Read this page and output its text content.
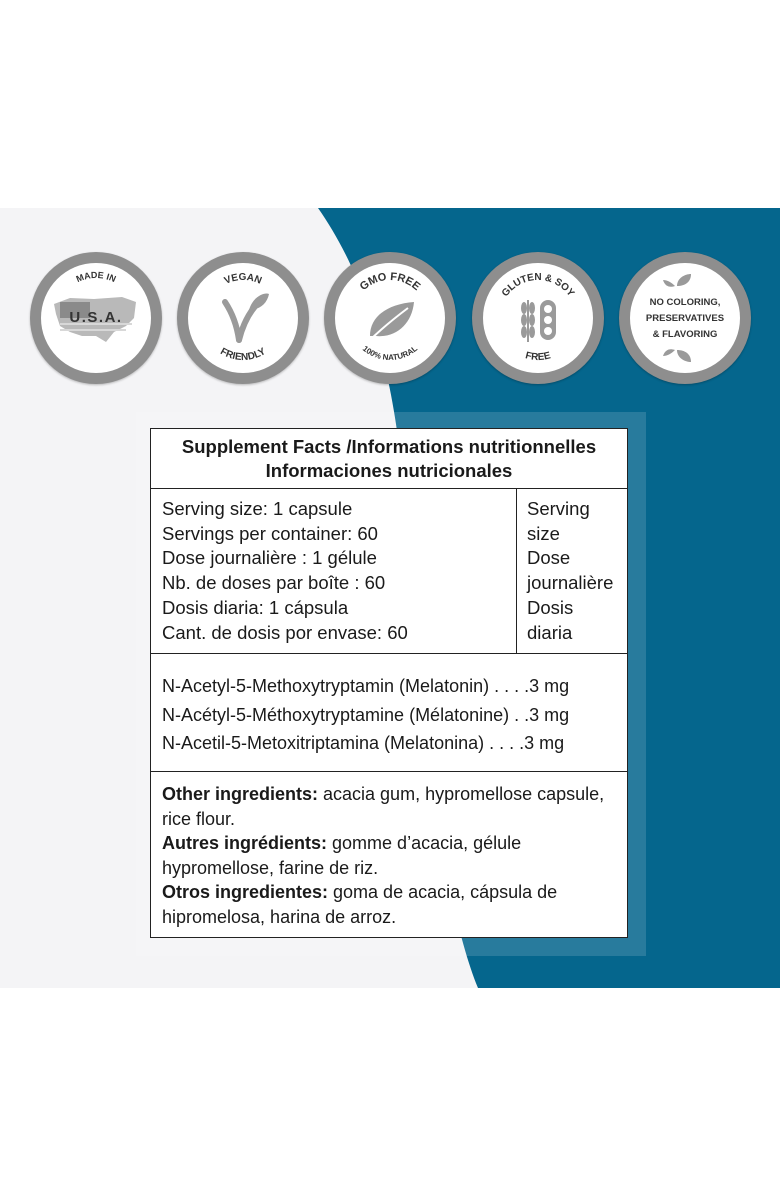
MADE IN
U.S.A.
VEGAN
FRIENDLY
GMO FREE
100% NATURAL
GLUTEN & SOY
FREE
NO COLORING,
PRESERVATIVES
& FLAVORING
Supplement Facts /Informations nutritionnelles
Informaciones nutricionales
Serving size: 1 capsule
Servings per container: 60
Dose journalière : 1 gélule
Nb. de doses par boîte : 60
Dosis diaria: 1 cápsula
Cant. de dosis por envase: 60
Serving
size
Dose
journalière
Dosis
diaria
N-Acetyl-5-Methoxytryptamin (Melatonin) . . . .3 mg
N-Acétyl-5-Méthoxytryptamine (Mélatonine) . .3 mg
N-Acetil-5-Metoxitriptamina (Melatonina) . . . .3 mg
Other ingredients: acacia gum, hypromellose capsule,
rice flour.
Autres ingrédients: gomme d’acacia, gélule
hypromellose, farine de riz.
Otros ingredientes: goma de acacia, cápsula de
hipromelosa, harina de arroz.
